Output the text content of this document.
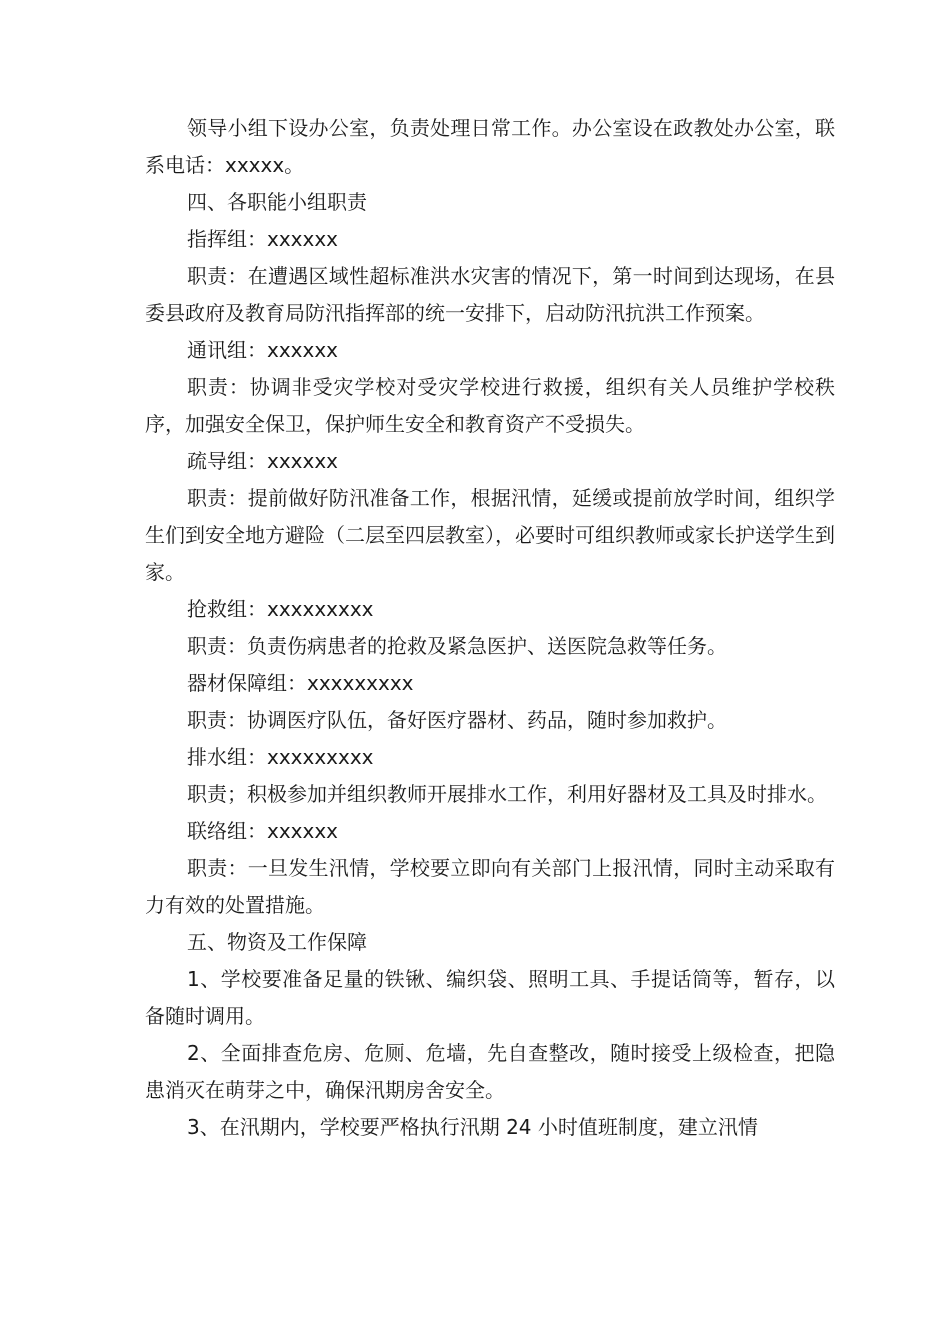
领导小组下设办公室，负责处理日常工作。办公室设在政教处办公室，联系电话：xxxxx。

四、各职能小组职责

指挥组：xxxxxx

职责：在遭遇区域性超标准洪水灾害的情况下，第一时间到达现场，在县委县政府及教育局防汛指挥部的统一安排下，启动防汛抗洪工作预案。

通讯组：xxxxxx

职责：协调非受灾学校对受灾学校进行救援，组织有关人员维护学校秩序，加强安全保卫，保护师生安全和教育资产不受损失。

疏导组：xxxxxx

职责：提前做好防汛准备工作，根据汛情，延缓或提前放学时间，组织学生们到安全地方避险（二层至四层教室），必要时可组织教师或家长护送学生到家。

抢救组：xxxxxxxxx

职责：负责伤病患者的抢救及紧急医护、送医院急救等任务。

器材保障组：xxxxxxxxx

职责：协调医疗队伍，备好医疗器材、药品，随时参加救护。

排水组：xxxxxxxxx

职责；积极参加并组织教师开展排水工作，利用好器材及工具及时排水。

联络组：xxxxxx

职责：一旦发生汛情，学校要立即向有关部门上报汛情，同时主动采取有力有效的处置措施。

五、物资及工作保障

1、学校要准备足量的铁锹、编织袋、照明工具、手提话筒等，暂存，以备随时调用。

2、全面排查危房、危厕、危墙，先自查整改，随时接受上级检查，把隐患消灭在萌芽之中，确保汛期房舍安全。

3、在汛期内，学校要严格执行汛期 24 小时值班制度，建立汛情
